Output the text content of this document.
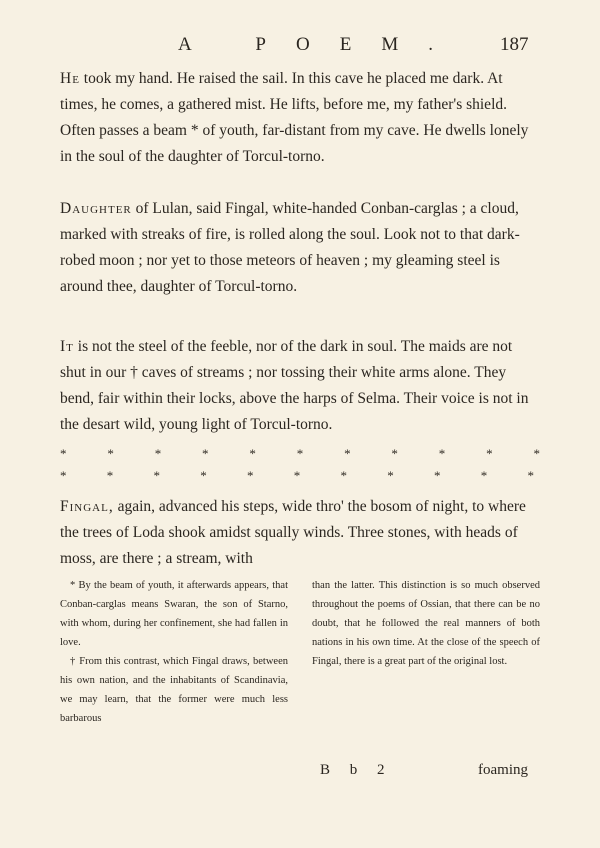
A POEM. 187

He took my hand. He raised the sail. In this cave he placed me dark. At times, he comes, a gathered mist. He lifts, before me, my father's shield. Often passes a beam * of youth, far-distant from my cave. He dwells lonely in the soul of the daughter of Torcul-torno.

Daughter of Lulan, said Fingal, white-handed Conban-carglas ; a cloud, marked with streaks of fire, is rolled along the soul. Look not to that dark-robed moon ; nor yet to those meteors of heaven ; my gleaming steel is around thee, daughter of Torcul-torno.

It is not the steel of the feeble, nor of the dark in soul. The maids are not shut in our † caves of streams ; nor tossing their white arms alone. They bend, fair within their locks, above the harps of Selma. Their voice is not in the desart wild, young light of Torcul-torno.

*	*	*	*	*	*	*	*	*	*	*
*	*	*	*	*	*	*	*	*	*	*

Fingal, again, advanced his steps, wide thro' the bosom of night, to where the trees of Loda shook amidst squally winds. Three stones, with heads of moss, are there ; a stream, with

* By the beam of youth, it afterwards appears, that Conban-carglas means Swaran, the son of Starno, with whom, during her confinement, she had fallen in love.

† From this contrast, which Fingal draws, between his own nation, and the inhabitants of Scandinavia, we may learn, that the former were much less barbarous

than the latter. This distinction is so much observed throughout the poems of Ossian, that there can be no doubt, that he followed the real manners of both nations in his own time. At the close of the speech of Fingal, there is a great part of the original lost.

B b 2	foaming
